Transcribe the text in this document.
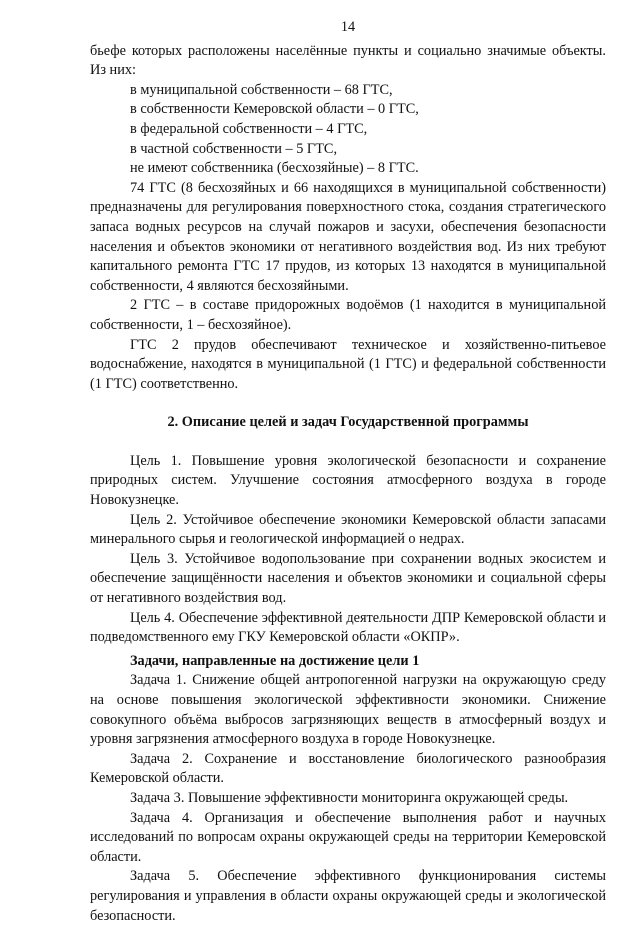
14

бьефе которых расположены населённые пункты и социально значимые объекты. Из них:

в муниципальной собственности – 68 ГТС,

в собственности Кемеровской области – 0 ГТС,

в федеральной собственности – 4 ГТС,

в частной собственности – 5 ГТС,

не имеют собственника (бесхозяйные) – 8 ГТС.

74 ГТС (8 бесхозяйных и 66 находящихся в муниципальной собственности) предназначены для регулирования поверхностного стока, создания стратегического запаса водных ресурсов на случай пожаров и засухи, обеспечения безопасности населения и объектов экономики от негативного воздействия вод. Из них требуют капитального ремонта ГТС 17 прудов, из которых 13 находятся в муниципальной собственности, 4 являются бесхозяйными.

2 ГТС – в составе придорожных водоёмов (1 находится в муниципальной собственности, 1 – бесхозяйное).

ГТС 2 прудов обеспечивают техническое и хозяйственно-питьевое водоснабжение, находятся в муниципальной (1 ГТС) и федеральной собственности (1 ГТС) соответственно.

2. Описание целей и задач Государственной программы

Цель 1. Повышение уровня экологической безопасности и сохранение природных систем. Улучшение состояния атмосферного воздуха в городе Новокузнецке.

Цель 2. Устойчивое обеспечение экономики Кемеровской области запасами минерального сырья и геологической информацией о недрах.

Цель 3. Устойчивое водопользование при сохранении водных экосистем и обеспечение защищённости населения и объектов экономики и социальной сферы от негативного воздействия вод.

Цель 4. Обеспечение эффективной деятельности ДПР Кемеровской области и подведомственного ему ГКУ Кемеровской области «ОКПР».

Задачи, направленные на достижение цели 1

Задача 1. Снижение общей антропогенной нагрузки на окружающую среду на основе повышения экологической эффективности экономики. Снижение совокупного объёма выбросов загрязняющих веществ в атмосферный воздух и уровня загрязнения атмосферного воздуха в городе Новокузнецке.

Задача 2. Сохранение и восстановление биологического разнообразия Кемеровской области.

Задача 3. Повышение эффективности мониторинга окружающей среды.

Задача 4. Организация и обеспечение выполнения работ и научных исследований по вопросам охраны окружающей среды на территории Кемеровской области.

Задача 5. Обеспечение эффективного функционирования системы регулирования и управления в области охраны окружающей среды и экологической безопасности.
